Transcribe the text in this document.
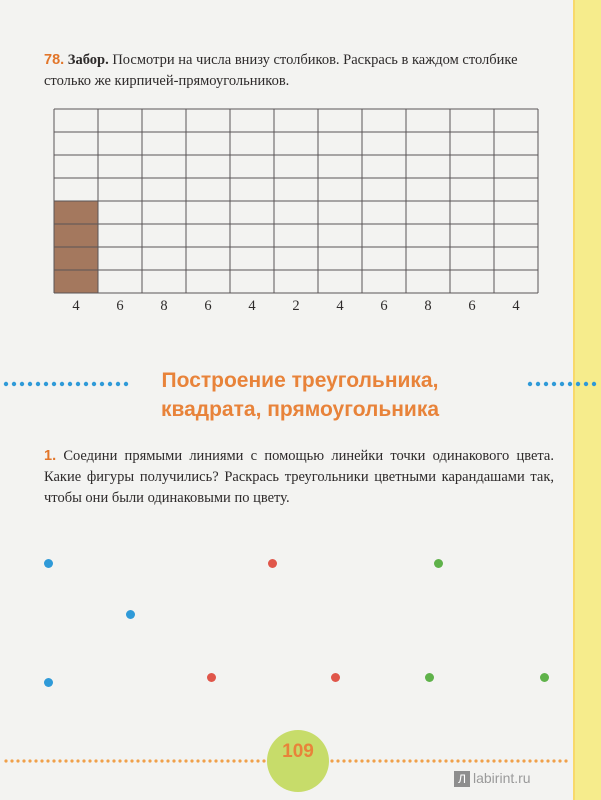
78. Забор. Посмотри на числа внизу столбиков. Раскрась в каждом столбике столько же кирпичей-прямоугольников.
4	6	8	6	4	2	4	6	8	6	4
Построение треугольника,
квадрата, прямоугольника
1. Соедини прямыми линиями с помощью линейки точки одинакового цвета. Какие фигуры получились? Раскрась треугольники цветными карандашами так, чтобы они были одинаковыми по цвету.
109
Л labirint.ru
